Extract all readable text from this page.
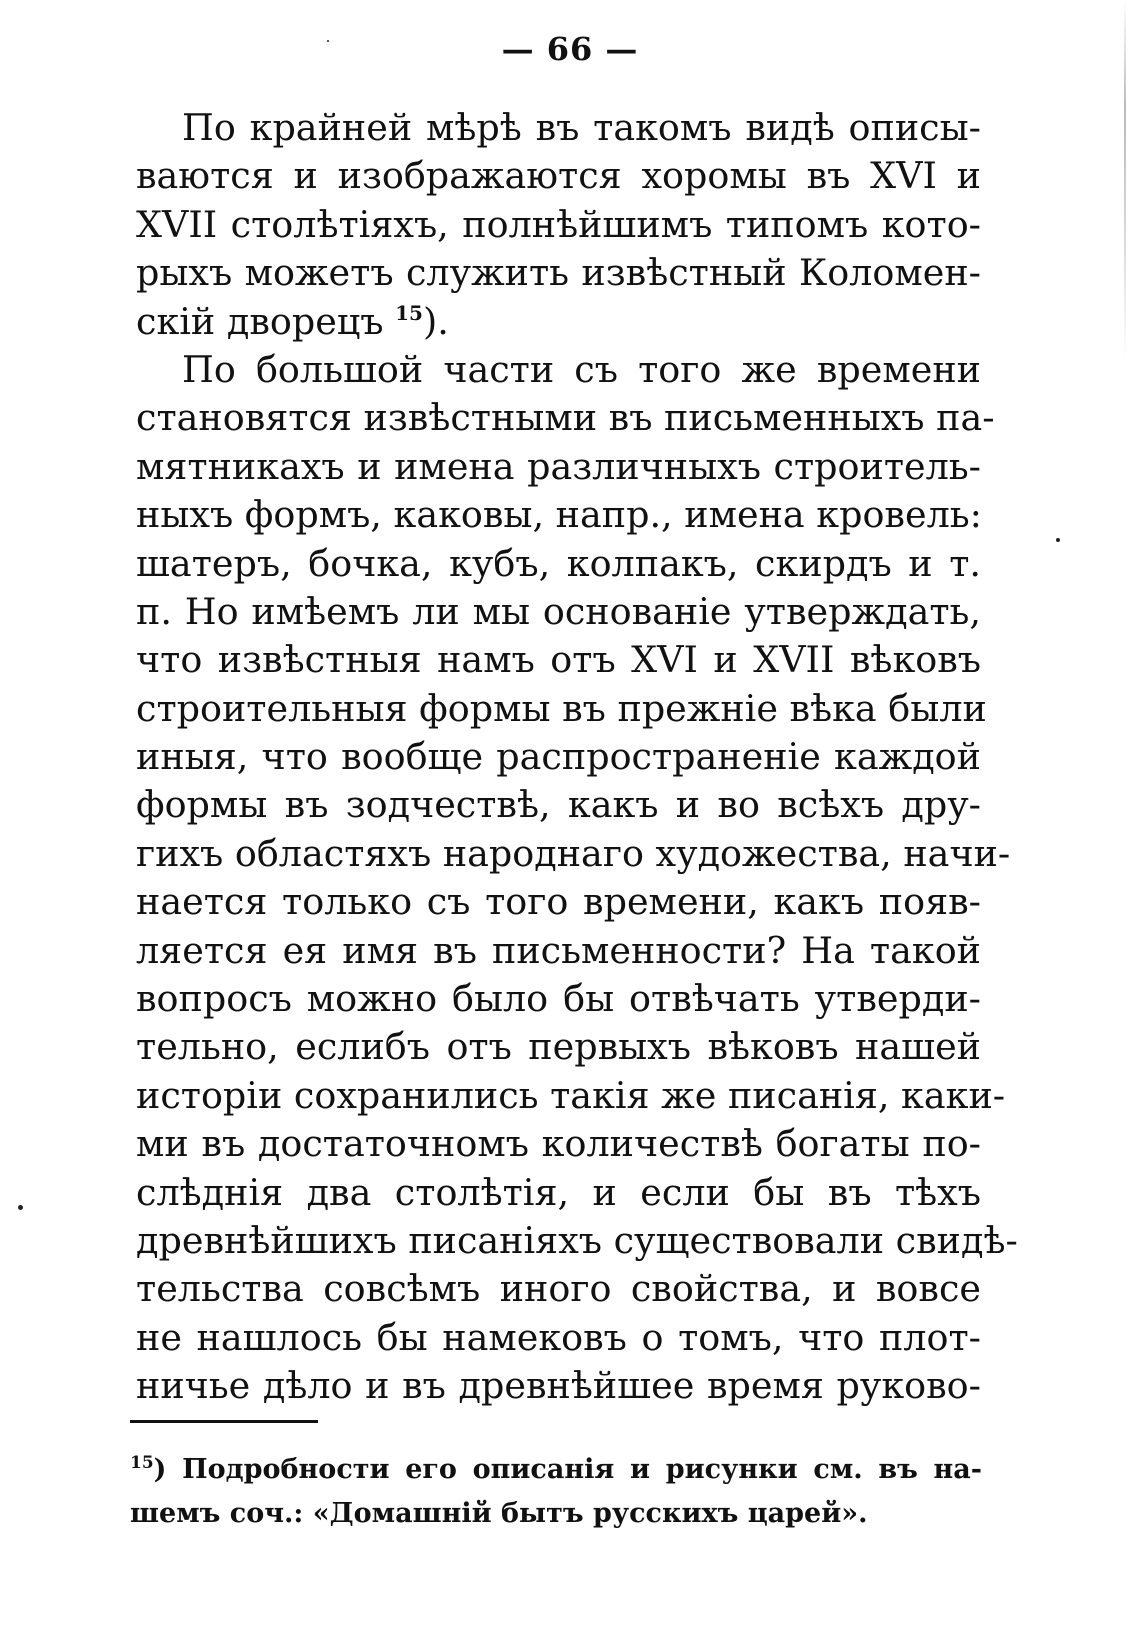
— 66 —
По крайней мѣрѣ въ такомъ видѣ описы-
ваются и изображаются хоромы въ XVI и
XVII столѣтіяхъ, полнѣйшимъ типомъ кото-
рыхъ можетъ служить извѣстный Коломен-
скій дворецъ $^{15}$).
По большой части съ того же времени
становятся извѣстными въ письменныхъ па-
мятникахъ и имена различныхъ строитель-
ныхъ формъ, каковы, напр., имена кровель:
шатеръ, бочка, кубъ, колпакъ, скирдъ и т.
п. Но имѣемъ ли мы основаніе утверждать,
что извѣстныя намъ отъ XVI и XVII вѣковъ
строительныя формы въ прежніе вѣка были
иныя, что вообще распространеніе каждой
формы въ зодчествѣ, какъ и во всѣхъ дру-
гихъ областяхъ народнаго художества, начи-
нается только съ того времени, какъ появ-
ляется ея имя въ письменности? На такой
вопросъ можно было бы отвѣчать утверди-
тельно, еслибъ отъ первыхъ вѣковъ нашей
исторіи сохранились такія же писанія, каки-
ми въ достаточномъ количествѣ богаты по-
слѣднія два столѣтія, и если бы въ тѣхъ
древнѣйшихъ писаніяхъ существовали свидѣ-
тельства совсѣмъ иного свойства, и вовсе
не нашлось бы намековъ о томъ, что плот-
ничье дѣло и въ древнѣйшее время руково-
$^{15}$) Подробности его описанія и рисунки см. въ на-
шемъ соч.: «Домашній бытъ русскихъ царей».
